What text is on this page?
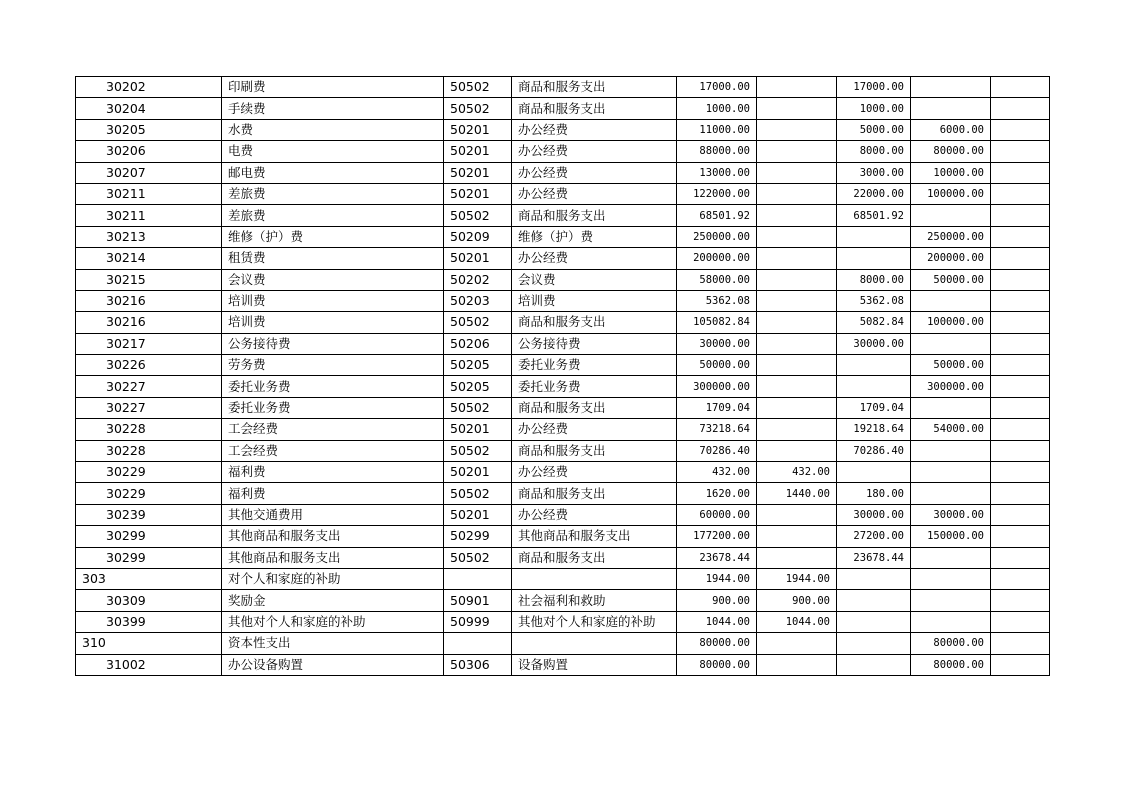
30202	印刷费	50502	商品和服务支出	17000.00		17000.00		
30204	手续费	50502	商品和服务支出	1000.00		1000.00		
30205	水费	50201	办公经费	11000.00		5000.00	6000.00	
30206	电费	50201	办公经费	88000.00		8000.00	80000.00	
30207	邮电费	50201	办公经费	13000.00		3000.00	10000.00	
30211	差旅费	50201	办公经费	122000.00		22000.00	100000.00	
30211	差旅费	50502	商品和服务支出	68501.92		68501.92		
30213	维修（护）费	50209	维修（护）费	250000.00			250000.00	
30214	租赁费	50201	办公经费	200000.00			200000.00	
30215	会议费	50202	会议费	58000.00		8000.00	50000.00	
30216	培训费	50203	培训费	5362.08		5362.08		
30216	培训费	50502	商品和服务支出	105082.84		5082.84	100000.00	
30217	公务接待费	50206	公务接待费	30000.00		30000.00		
30226	劳务费	50205	委托业务费	50000.00			50000.00	
30227	委托业务费	50205	委托业务费	300000.00			300000.00	
30227	委托业务费	50502	商品和服务支出	1709.04		1709.04		
30228	工会经费	50201	办公经费	73218.64		19218.64	54000.00	
30228	工会经费	50502	商品和服务支出	70286.40		70286.40		
30229	福利费	50201	办公经费	432.00	432.00			
30229	福利费	50502	商品和服务支出	1620.00	1440.00	180.00		
30239	其他交通费用	50201	办公经费	60000.00		30000.00	30000.00	
30299	其他商品和服务支出	50299	其他商品和服务支出	177200.00		27200.00	150000.00	
30299	其他商品和服务支出	50502	商品和服务支出	23678.44		23678.44		
303	对个人和家庭的补助			1944.00	1944.00			
30309	奖励金	50901	社会福利和救助	900.00	900.00			
30399	其他对个人和家庭的补助	50999	其他对个人和家庭的补助	1044.00	1044.00			
310	资本性支出			80000.00			80000.00	
31002	办公设备购置	50306	设备购置	80000.00			80000.00	
